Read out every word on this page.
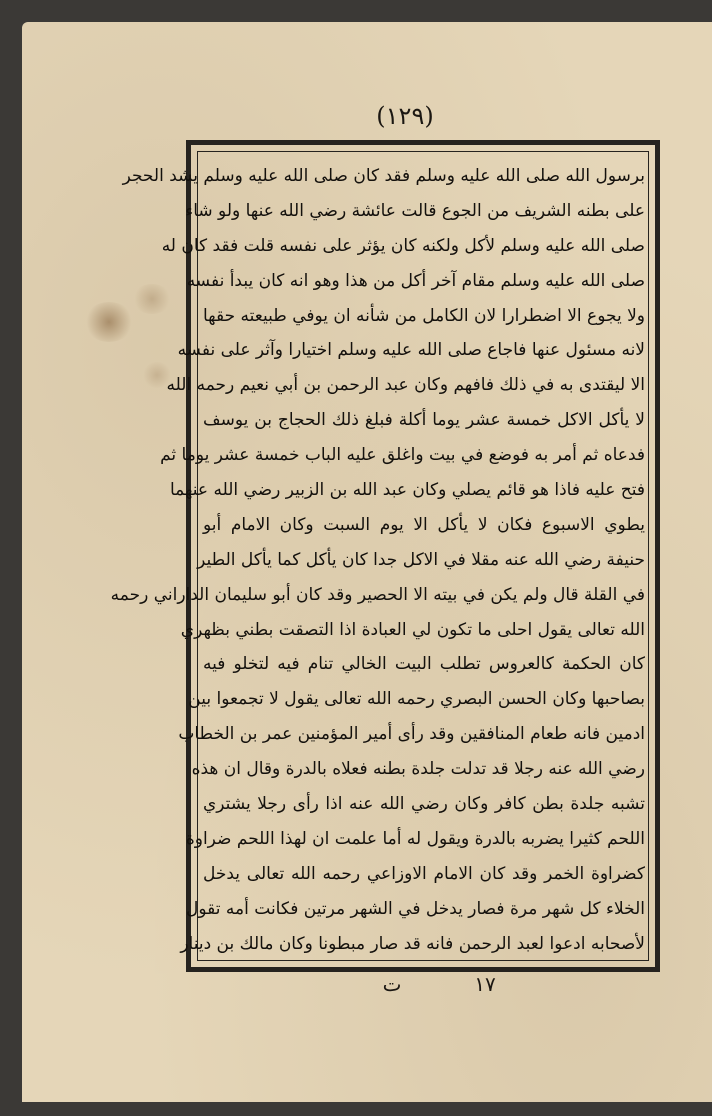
(١٢٩)
برسول الله صلى الله عليه وسلم فقد كان صلى الله عليه وسلم يشد الحجر
على بطنه الشريف من الجوع قالت عائشة رضي الله عنها ولو شاء
صلى الله عليه وسلم لأكل ولكنه كان يؤثر على نفسه قلت فقد كان له
صلى الله عليه وسلم مقام آخر أكل من هذا وهو انه كان يبدأ نفسه
ولا يجوع الا اضطرارا لان الكامل من شأنه ان يوفي طبيعته حقها
لانه مسئول عنها فاجاع صلى الله عليه وسلم اختيارا وآثر على نفسه
الا ليقتدى به في ذلك فافهم وكان عبد الرحمن بن أبي نعيم رحمه الله
لا يأكل الاكل خمسة عشر يوما أكلة فبلغ ذلك الحجاج بن يوسف
فدعاه ثم أمر به فوضع في بيت واغلق عليه الباب خمسة عشر يوما ثم
فتح عليه فاذا هو قائم يصلي وكان عبد الله بن الزبير رضي الله عنهما
يطوي الاسبوع فكان لا يأكل الا يوم السبت وكان الامام أبو
حنيفة رضي الله عنه مقلا في الاكل جدا كان يأكل كما يأكل الطير
في القلة قال ولم يكن في بيته الا الحصير وقد كان أبو سليمان الداراني رحمه
الله تعالى يقول احلى ما تكون لي العبادة اذا التصقت بطني بظهري
كان الحكمة كالعروس تطلب البيت الخالي تنام فيه لتخلو فيه
بصاحبها وكان الحسن البصري رحمه الله تعالى يقول لا تجمعوا بين
ادمين فانه طعام المنافقين وقد رأى أمير المؤمنين عمر بن الخطاب
رضي الله عنه رجلا قد تدلت جلدة بطنه فعلاه بالدرة وقال ان هذه
تشبه جلدة بطن كافر وكان رضي الله عنه اذا رأى رجلا يشتري
اللحم كثيرا يضربه بالدرة ويقول له أما علمت ان لهذا اللحم ضراوة
كضراوة الخمر وقد كان الامام الاوزاعي رحمه الله تعالى يدخل
الخلاء كل شهر مرة فصار يدخل في الشهر مرتين فكانت أمه تقول
لأصحابه ادعوا لعبد الرحمن فانه قد صار مبطونا وكان مالك بن دينار
ت	١٧
